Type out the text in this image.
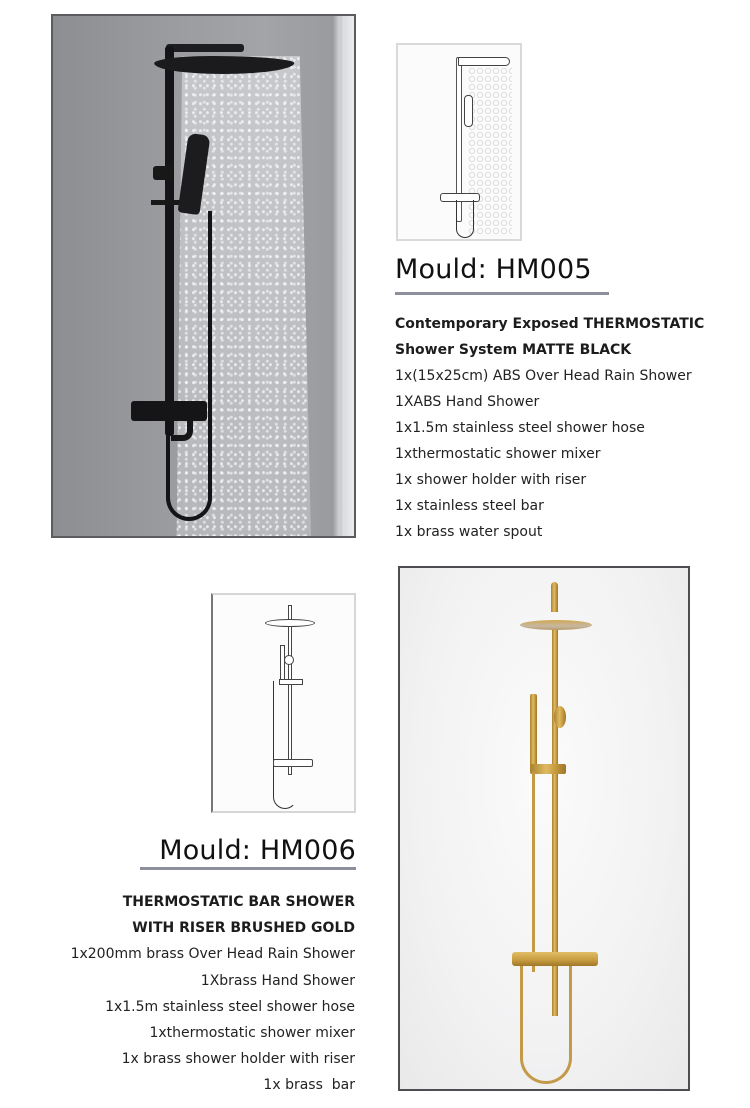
Mould: HM005
Contemporary Exposed THERMOSTATIC
Shower System MATTE BLACK
1x(15x25cm) ABS Over Head Rain Shower
1XABS Hand Shower
1x1.5m stainless steel shower hose
1xthermostatic shower mixer
1x shower holder with riser
1x stainless steel bar
1x brass water spout
Mould: HM006
THERMOSTATIC BAR SHOWER
WITH RISER BRUSHED GOLD
1x200mm brass Over Head Rain Shower
1Xbrass Hand Shower
1x1.5m stainless steel shower hose
1xthermostatic shower mixer
1x brass shower holder with riser
1x brass  bar
